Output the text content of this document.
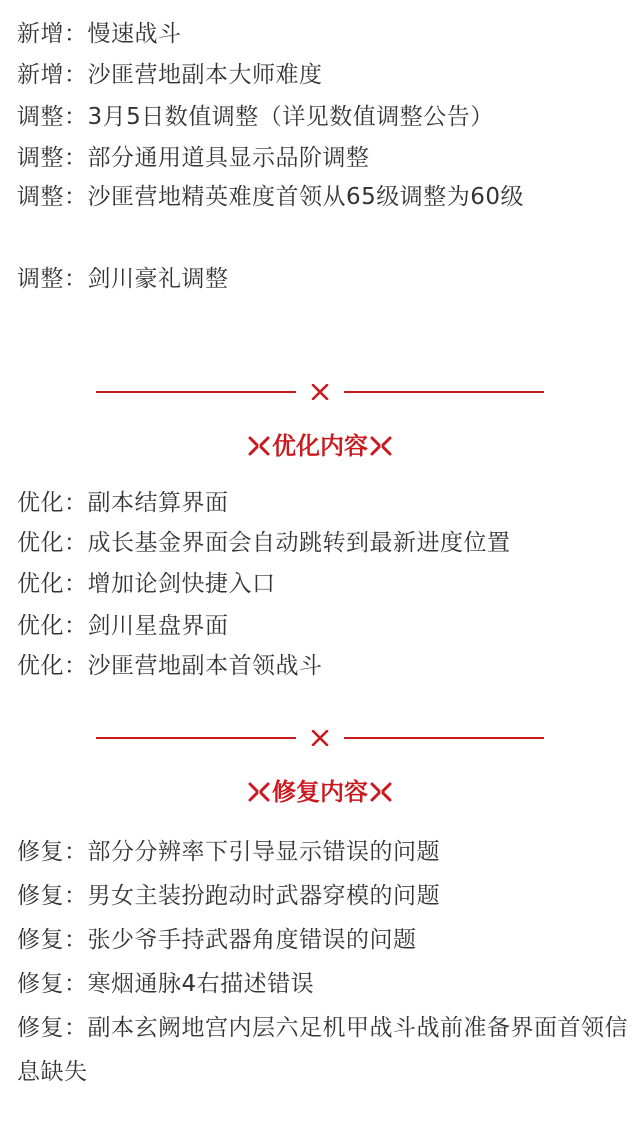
新增：慢速战斗
新增：沙匪营地副本大师难度
调整：3月5日数值调整（详见数值调整公告）
调整：部分通用道具显示品阶调整
调整：沙匪营地精英难度首领从65级调整为60级
调整：剑川豪礼调整
优化内容
优化：副本结算界面
优化：成长基金界面会自动跳转到最新进度位置
优化：增加论剑快捷入口
优化：剑川星盘界面
优化：沙匪营地副本首领战斗
修复内容
修复：部分分辨率下引导显示错误的问题
修复：男女主装扮跑动时武器穿模的问题
修复：张少爷手持武器角度错误的问题
修复：寒烟通脉4右描述错误
修复：副本玄阙地宫内层六足机甲战斗战前准备界面首领信息缺失
